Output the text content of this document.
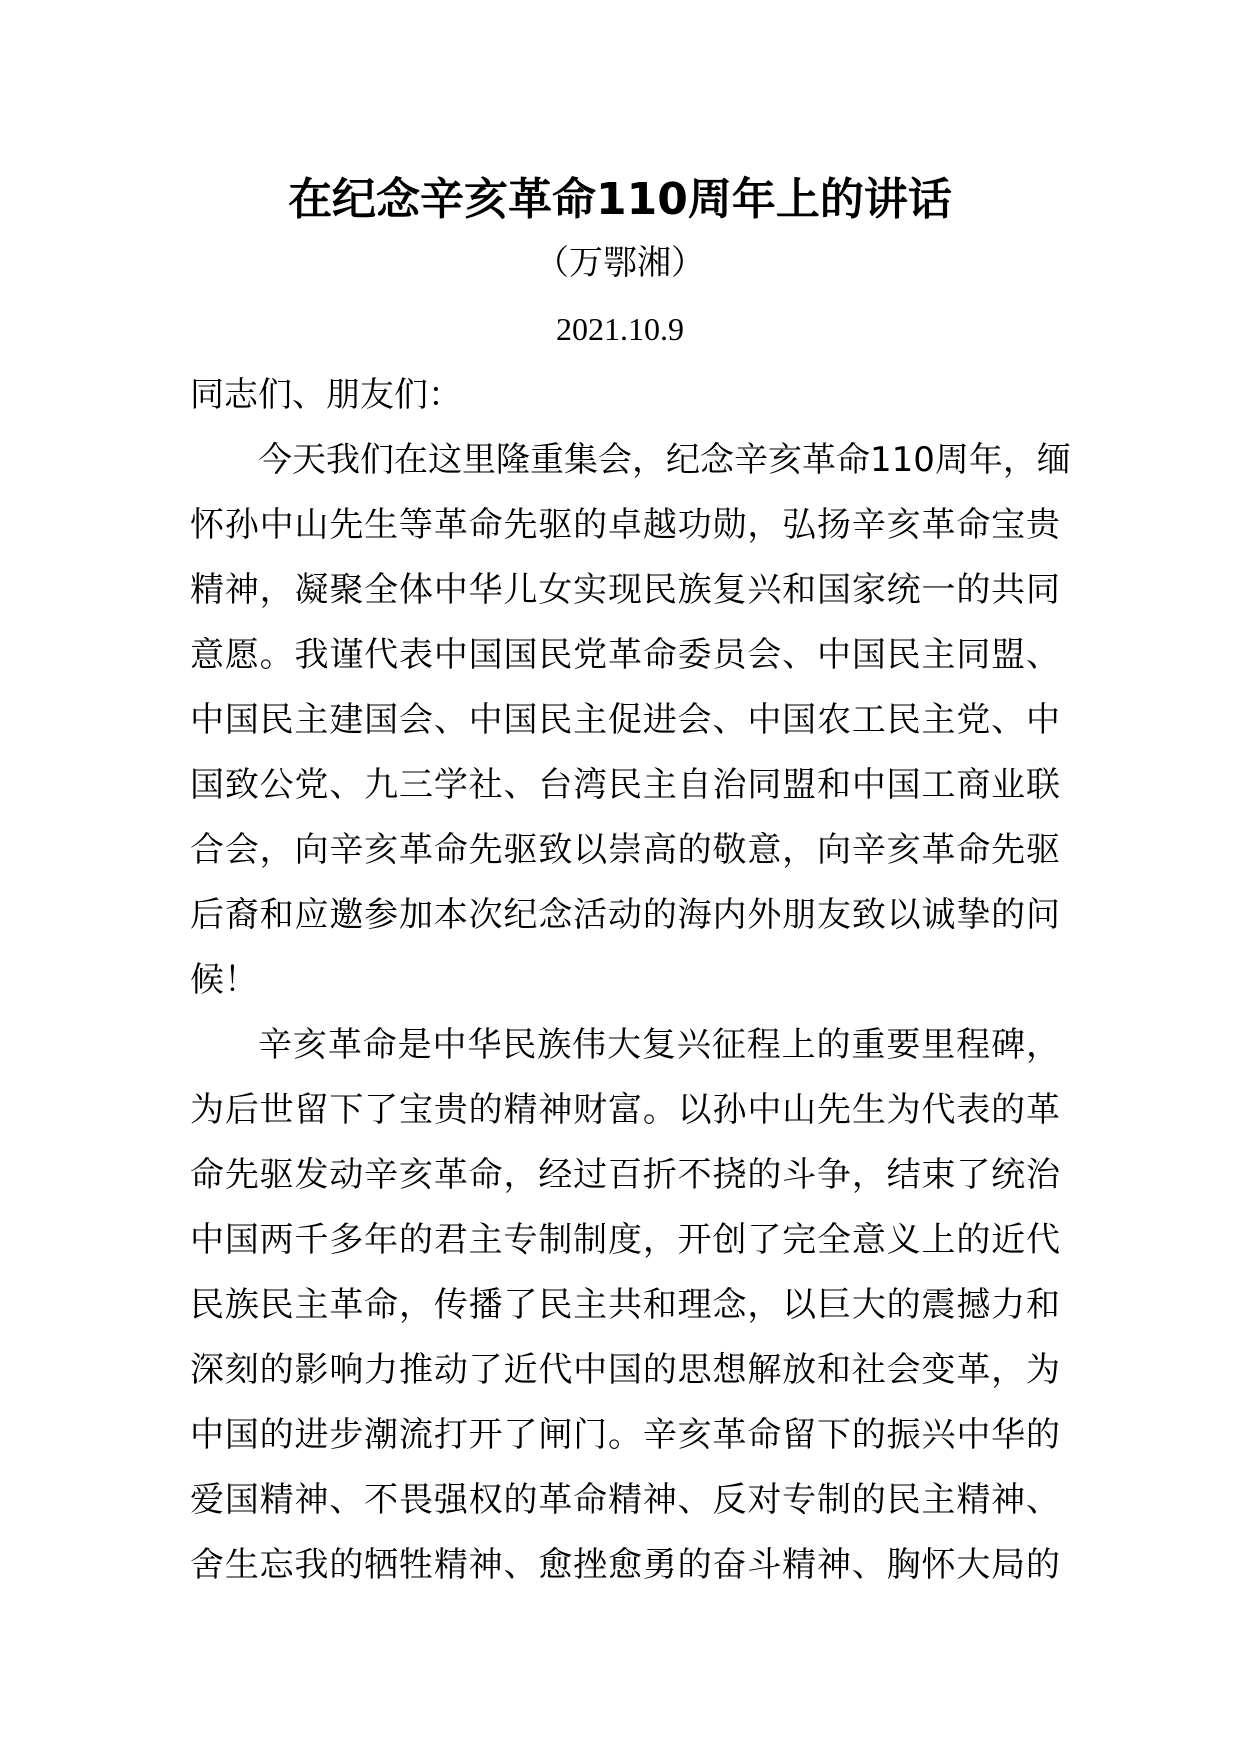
在纪念辛亥革命110周年上的讲话

（万鄂湘）

2021.10.9

同志们、朋友们：

今天我们在这里隆重集会，纪念辛亥革命110周年，缅
怀孙中山先生等革命先驱的卓越功勋，弘扬辛亥革命宝贵
精神，凝聚全体中华儿女实现民族复兴和国家统一的共同
意愿。我谨代表中国国民党革命委员会、中国民主同盟、
中国民主建国会、中国民主促进会、中国农工民主党、中
国致公党、九三学社、台湾民主自治同盟和中国工商业联
合会，向辛亥革命先驱致以崇高的敬意，向辛亥革命先驱
后裔和应邀参加本次纪念活动的海内外朋友致以诚挚的问
候！

辛亥革命是中华民族伟大复兴征程上的重要里程碑，
为后世留下了宝贵的精神财富。以孙中山先生为代表的革
命先驱发动辛亥革命，经过百折不挠的斗争，结束了统治
中国两千多年的君主专制制度，开创了完全意义上的近代
民族民主革命，传播了民主共和理念，以巨大的震撼力和
深刻的影响力推动了近代中国的思想解放和社会变革，为
中国的进步潮流打开了闸门。辛亥革命留下的振兴中华的
爱国精神、不畏强权的革命精神、反对专制的民主精神、
舍生忘我的牺牲精神、愈挫愈勇的奋斗精神、胸怀大局的
